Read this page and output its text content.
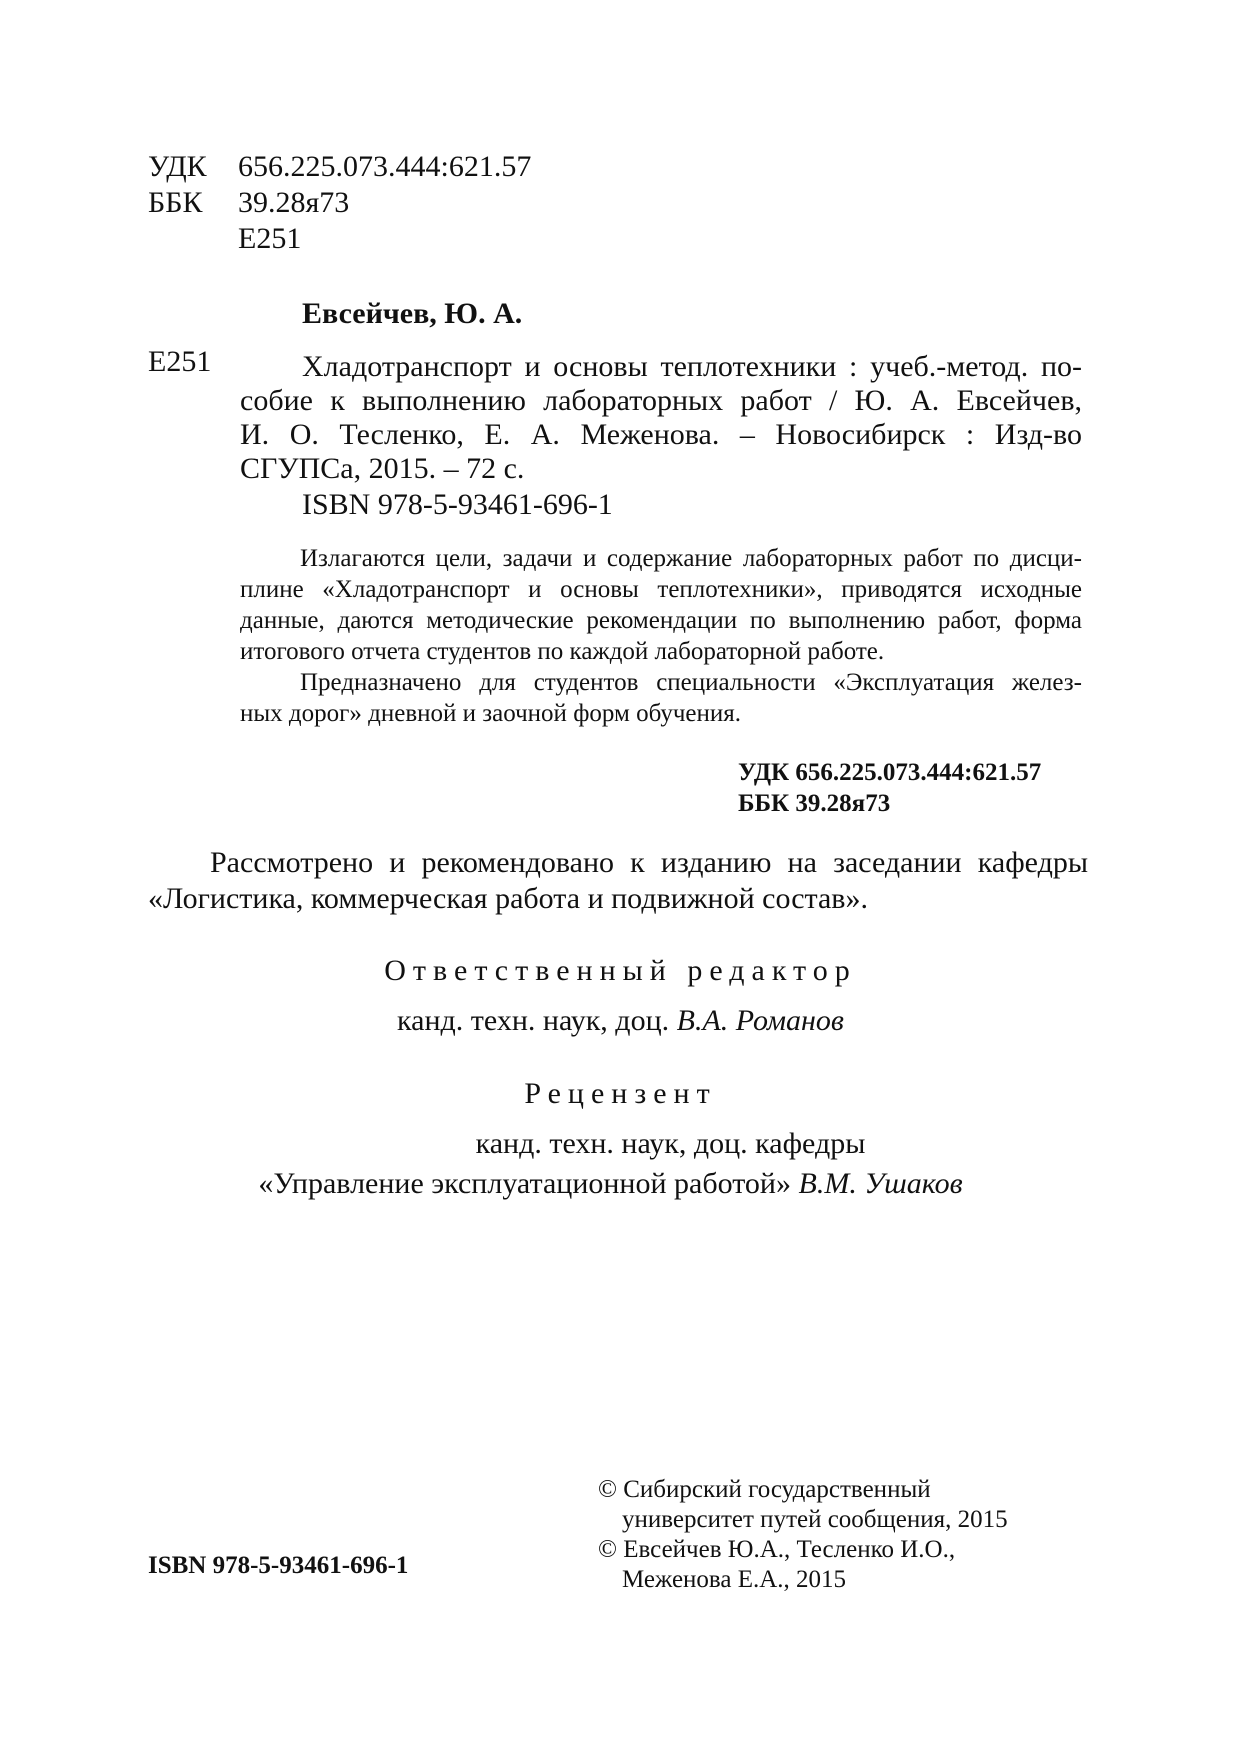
УДК 656.225.073.444:621.57
ББК 39.28я73
Е251
Евсейчев, Ю. А.
Е251	Хладотранспорт и основы теплотехники : учеб.-метод. по-
собие к выполнению лабораторных работ / Ю. А. Евсейчев,
И. О. Тесленко, Е. А. Меженова. – Новосибирск : Изд-во
СГУПСа, 2015. – 72 с.
ISBN 978-5-93461-696-1
Излагаются цели, задачи и содержание лабораторных работ по дисци-
плине «Хладотранспорт и основы теплотехники», приводятся исходные
данные, даются методические рекомендации по выполнению работ, форма
итогового отчета студентов по каждой лабораторной работе.
Предназначено для студентов специальности «Эксплуатация желез-
ных дорог» дневной и заочной форм обучения.
УДК 656.225.073.444:621.57
ББК 39.28я73
Рассмотрено и рекомендовано к изданию на заседании кафедры
«Логистика, коммерческая работа и подвижной состав».
Ответственный редактор
канд. техн. наук, доц. В.А. Романов
Рецензент
канд. техн. наук, доц. кафедры
«Управление эксплуатационной работой» В.М. Ушаков
ISBN 978-5-93461-696-1
© Сибирский государственный
университет путей сообщения, 2015
© Евсейчев Ю.А., Тесленко И.О.,
Меженова Е.А., 2015
